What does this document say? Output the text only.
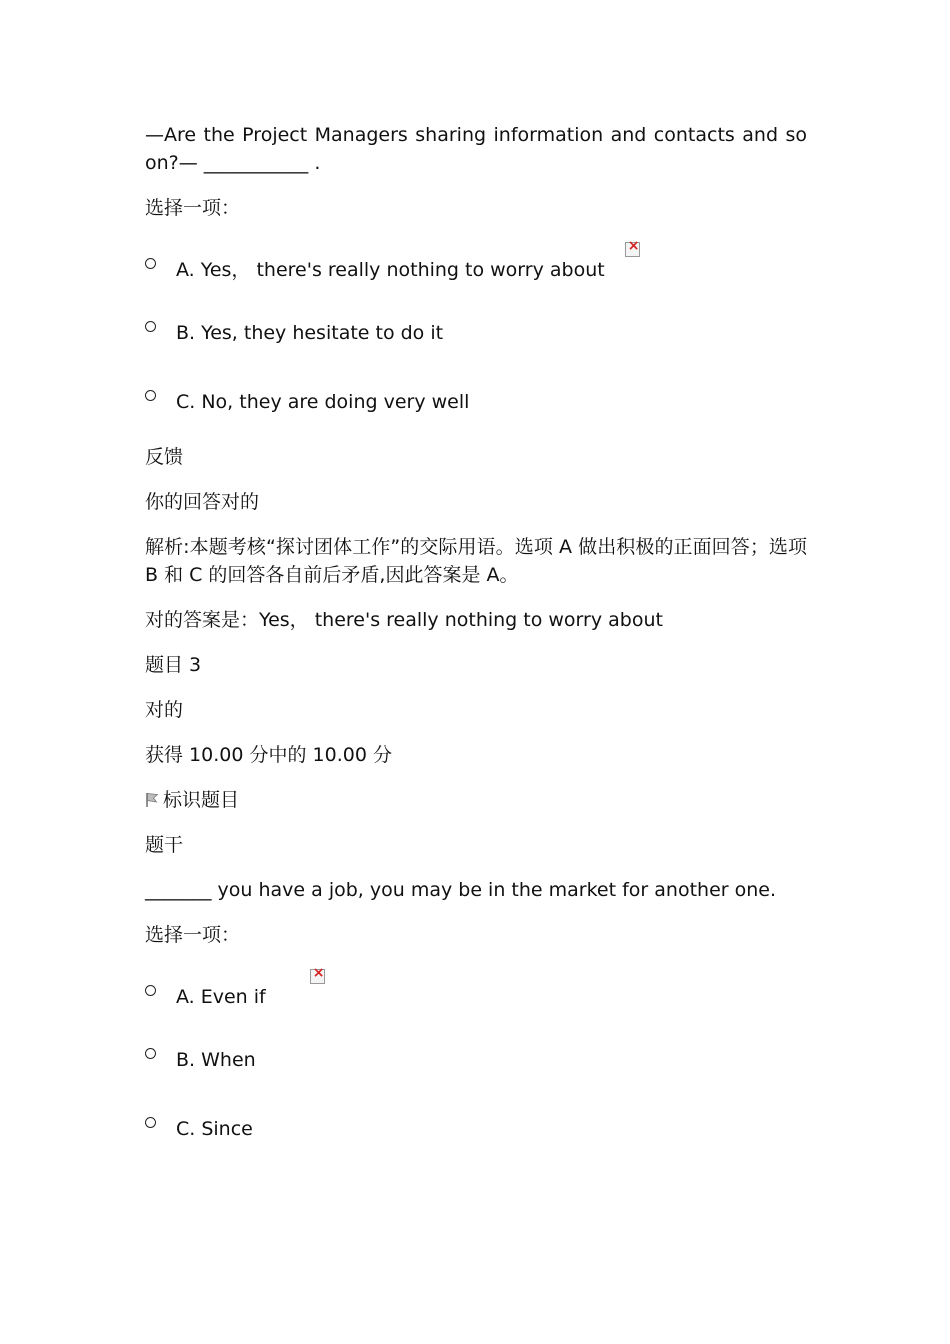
—Are the Project Managers sharing information and contacts and so on?— ___________ .

选择一项：

A. Yes， there's really nothing to worry about ×
B. Yes, they hesitate to do it
C. No, they are doing very well

反馈

你的回答对的

解析:本题考核“探讨团体工作”的交际用语。选项 A 做出积极的正面回答；选项 B 和 C 的回答各自前后矛盾,因此答案是 A。

对的答案是：Yes， there's really nothing to worry about

题目 3

对的

获得 10.00 分中的 10.00 分

标识题目

题干

_______ you have a job, you may be in the market for another one.

选择一项：

A. Even if ×
B. When
C. Since
